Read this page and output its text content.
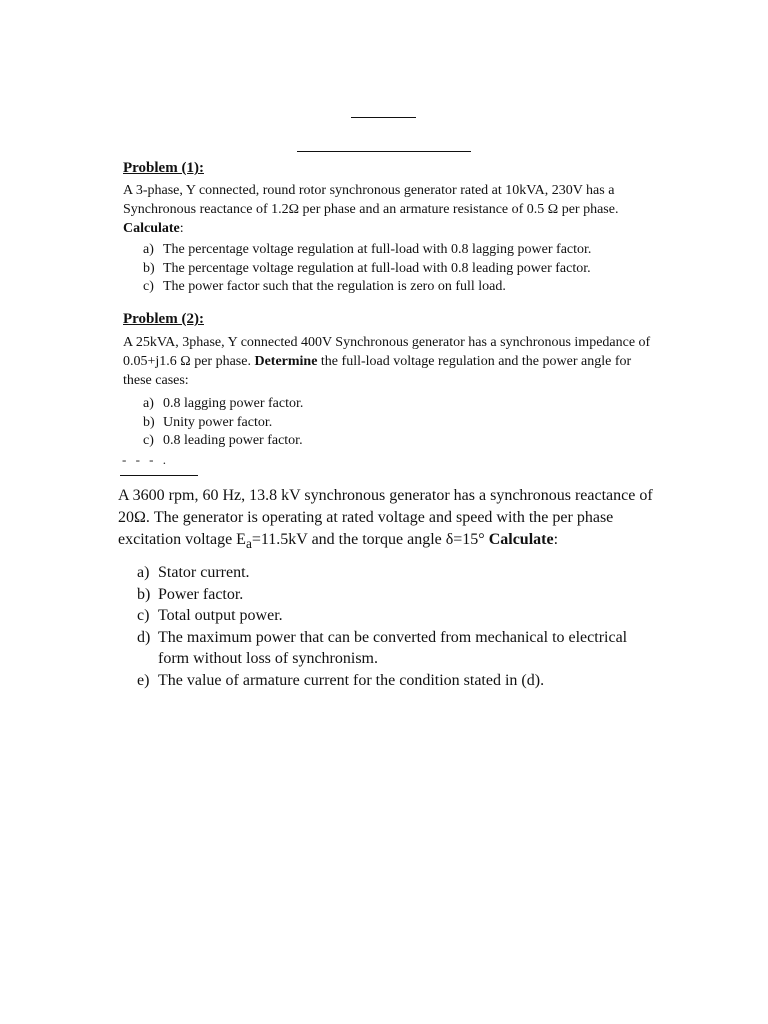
Problem (1):

A 3-phase, Y connected, round rotor synchronous generator rated at 10kVA, 230V has a Synchronous reactance of 1.2Ω per phase and an armature resistance of 0.5 Ω per phase. Calculate:

a) The percentage voltage regulation at full-load with 0.8 lagging power factor.
b) The percentage voltage regulation at full-load with 0.8 leading power factor.
c) The power factor such that the regulation is zero on full load.
Problem (2):

A 25kVA, 3phase, Y connected 400V Synchronous generator has a synchronous impedance of 0.05+j1.6 Ω per phase. Determine the full-load voltage regulation and the power angle for these cases:

a) 0.8 lagging power factor.
b) Unity power factor.
c) 0.8 leading power factor.
- - - .

A 3600 rpm, 60 Hz, 13.8 kV synchronous generator has a synchronous reactance of 20Ω. The generator is operating at rated voltage and speed with the per phase excitation voltage $E_a=11.5kV$ and the torque angle δ=15° Calculate:

a) Stator current.
b) Power factor.
c) Total output power.
d) The maximum power that can be converted from mechanical to electrical form without loss of synchronism.
e) The value of armature current for the condition stated in (d).
